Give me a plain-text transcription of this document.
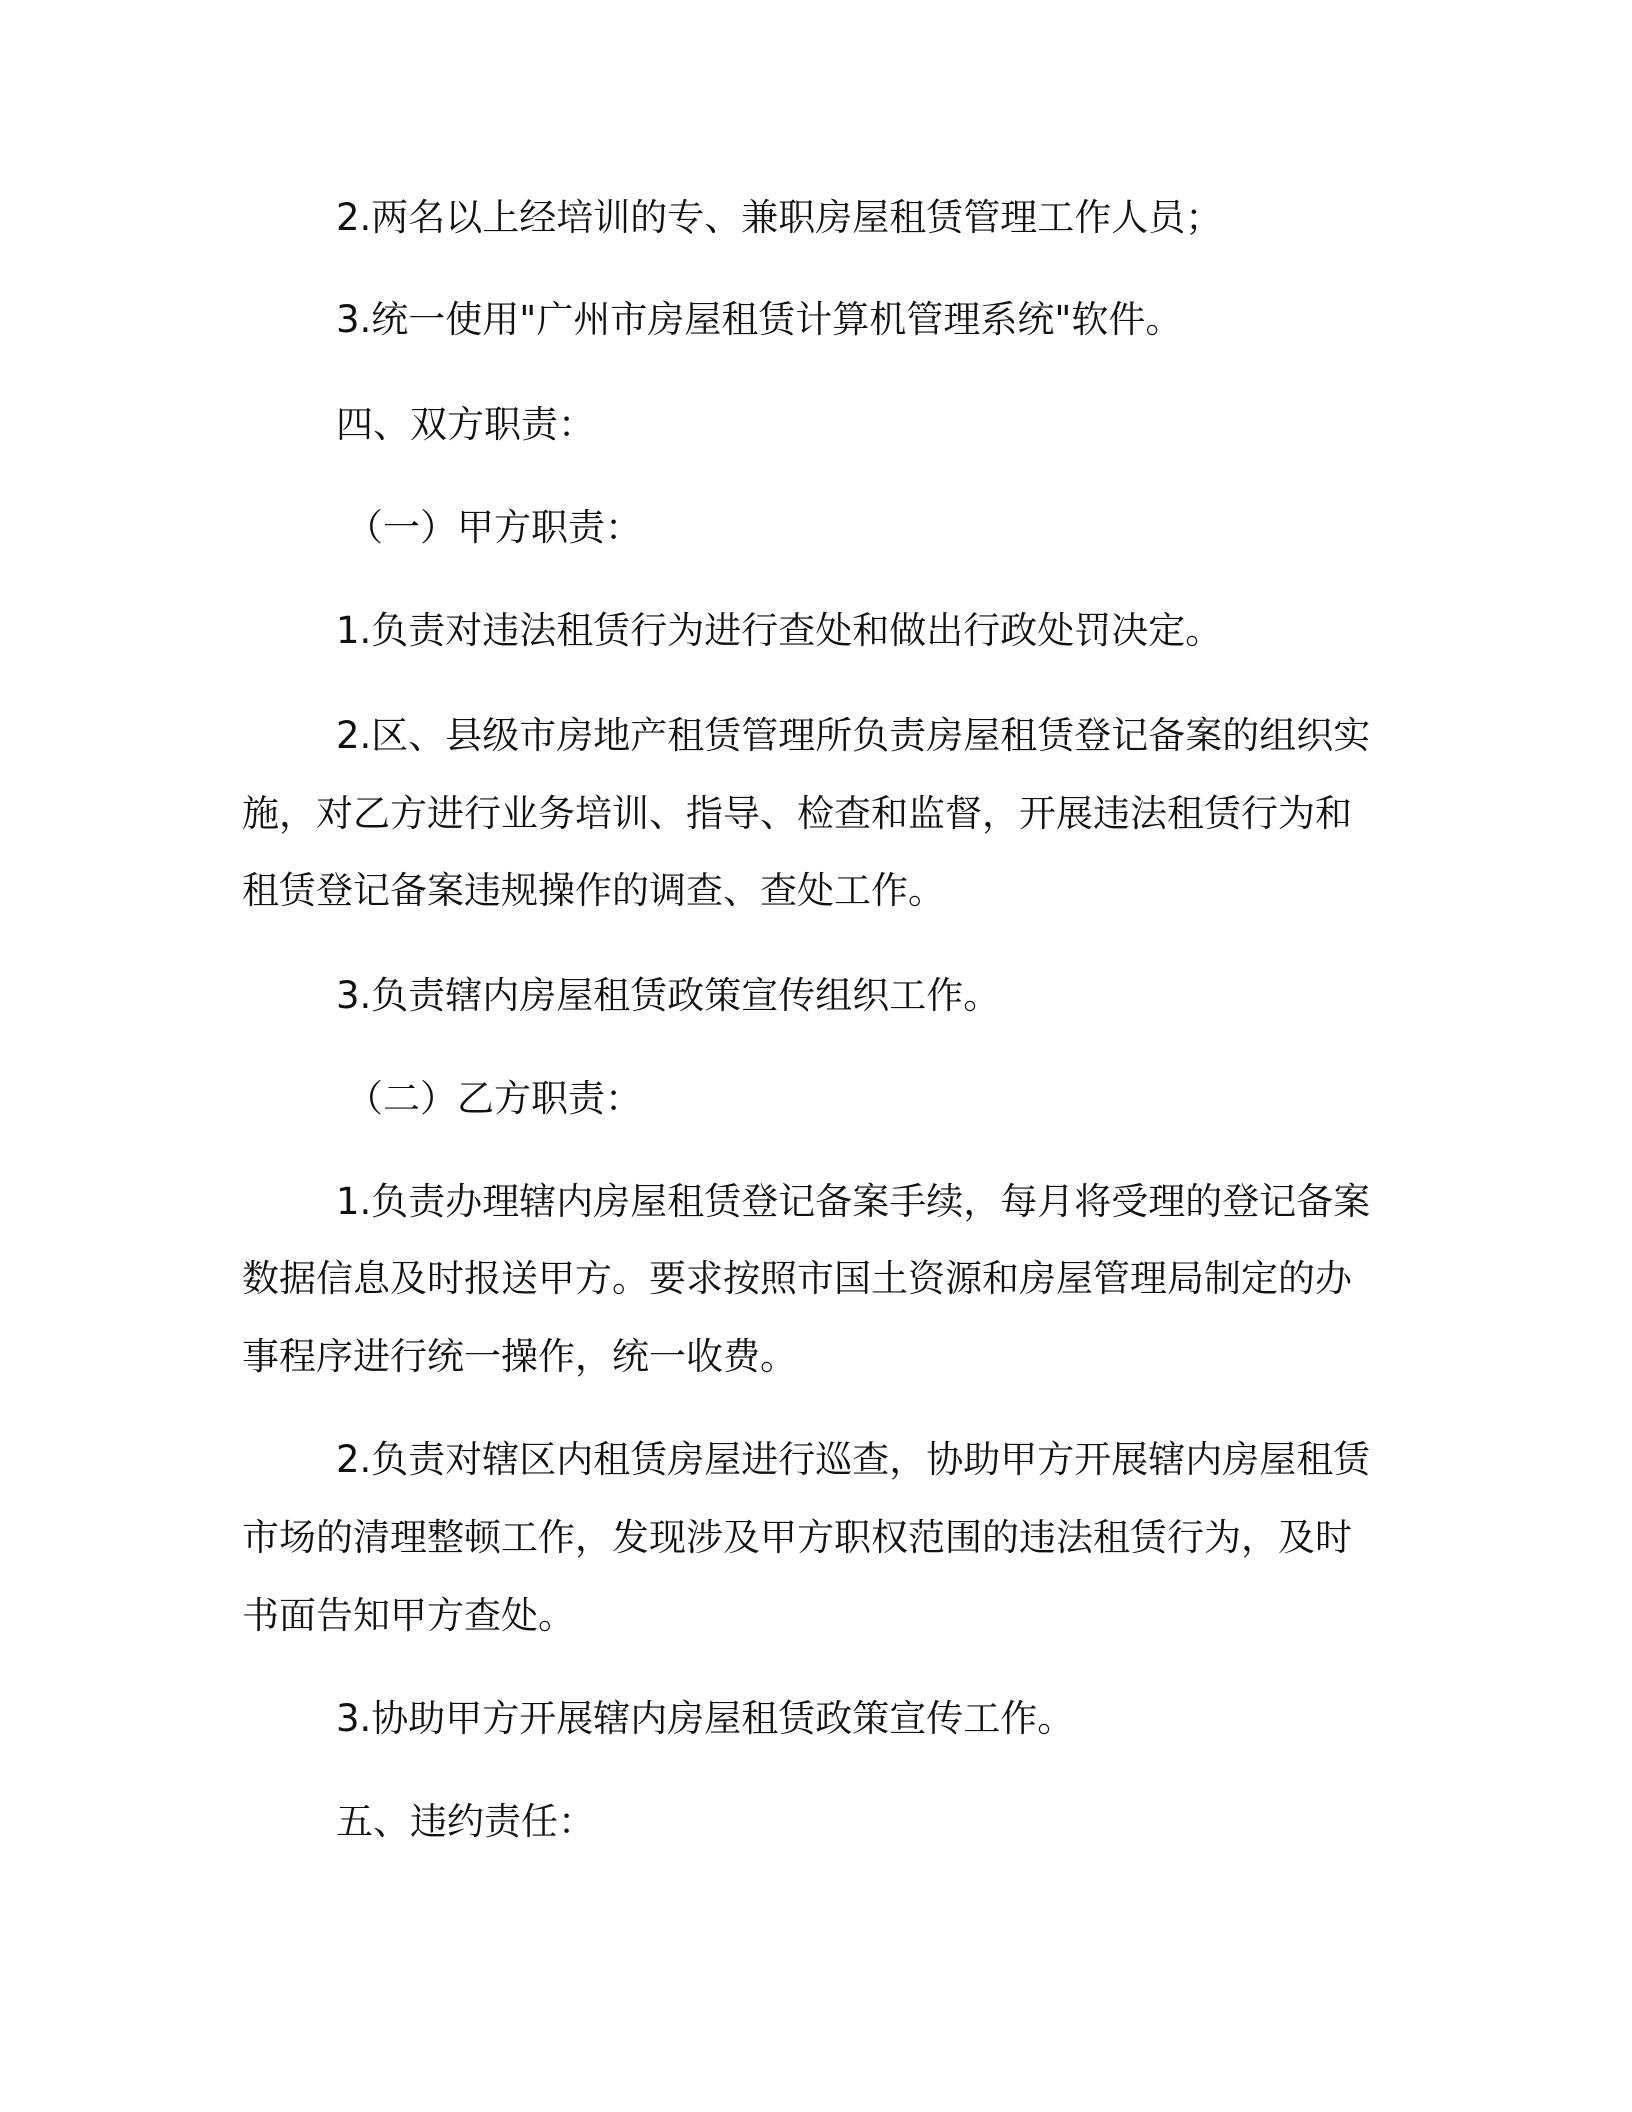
2.两名以上经培训的专、兼职房屋租赁管理工作人员；
3.统一使用"广州市房屋租赁计算机管理系统"软件。
四、双方职责：
（一）甲方职责：
1.负责对违法租赁行为进行查处和做出行政处罚决定。
2.区、县级市房地产租赁管理所负责房屋租赁登记备案的组织实
施，对乙方进行业务培训、指导、检查和监督，开展违法租赁行为和
租赁登记备案违规操作的调查、查处工作。
3.负责辖内房屋租赁政策宣传组织工作。
（二）乙方职责：
1.负责办理辖内房屋租赁登记备案手续，每月将受理的登记备案
数据信息及时报送甲方。要求按照市国土资源和房屋管理局制定的办
事程序进行统一操作，统一收费。
2.负责对辖区内租赁房屋进行巡查，协助甲方开展辖内房屋租赁
市场的清理整顿工作，发现涉及甲方职权范围的违法租赁行为，及时
书面告知甲方查处。
3.协助甲方开展辖内房屋租赁政策宣传工作。
五、违约责任：
